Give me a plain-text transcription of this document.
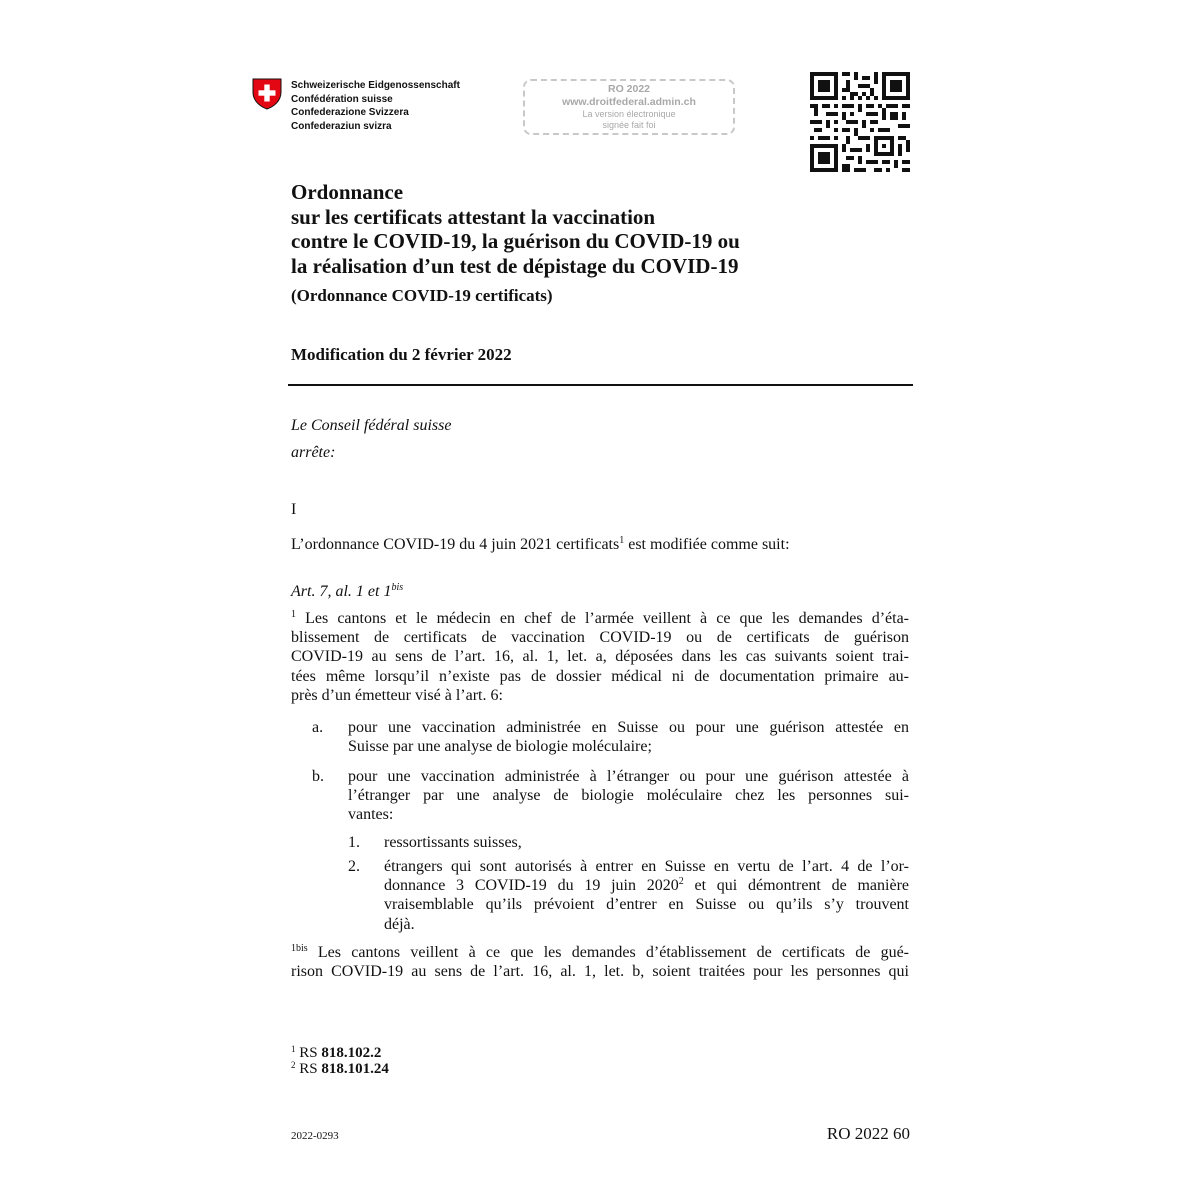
Schweizerische Eidgenossenschaft
Confédération suisse
Confederazione Svizzera
Confederaziun svizra
RO 2022
www.droitfederal.admin.ch
La version électronique
signée fait foi
Ordonnance
sur les certificats attestant la vaccination
contre le COVID-19, la guérison du COVID-19 ou
la réalisation d’un test de dépistage du COVID-19
(Ordonnance COVID-19 certificats)
Modification du 2 février 2022
Le Conseil fédéral suisse
arrête:
I
L’ordonnance COVID-19 du 4 juin 2021 certificats$^1$ est modifiée comme suit:
Art. 7, al. 1 et $1^{bis}$
$^1$ Les cantons et le médecin en chef de l’armée veillent à ce que les demandes d’éta-
blissement de certificats de vaccination COVID-19 ou de certificats de guérison
COVID-19 au sens de l’art. 16, al. 1, let. a, déposées dans les cas suivants soient trai-
tées même lorsqu’il n’existe pas de dossier médical ni de documentation primaire au-
près d’un émetteur visé à l’art. 6:
a. pour une vaccination administrée en Suisse ou pour une guérison attestée en
Suisse par une analyse de biologie moléculaire;
b. pour une vaccination administrée à l’étranger ou pour une guérison attestée à
l’étranger par une analyse de biologie moléculaire chez les personnes sui-
vantes:
1. ressortissants suisses,
2. étrangers qui sont autorisés à entrer en Suisse en vertu de l’art. 4 de l’or-
donnance 3 COVID-19 du 19 juin 2020$^2$ et qui démontrent de manière
vraisemblable qu’ils prévoient d’entrer en Suisse ou qu’ils s’y trouvent
déjà.
$^{1bis}$ Les cantons veillent à ce que les demandes d’établissement de certificats de gué-
rison COVID-19 au sens de l’art. 16, al. 1, let. b, soient traitées pour les personnes qui
$^1$ RS 818.102.2
$^2$ RS 818.101.24
2022-0293	RO 2022 60
